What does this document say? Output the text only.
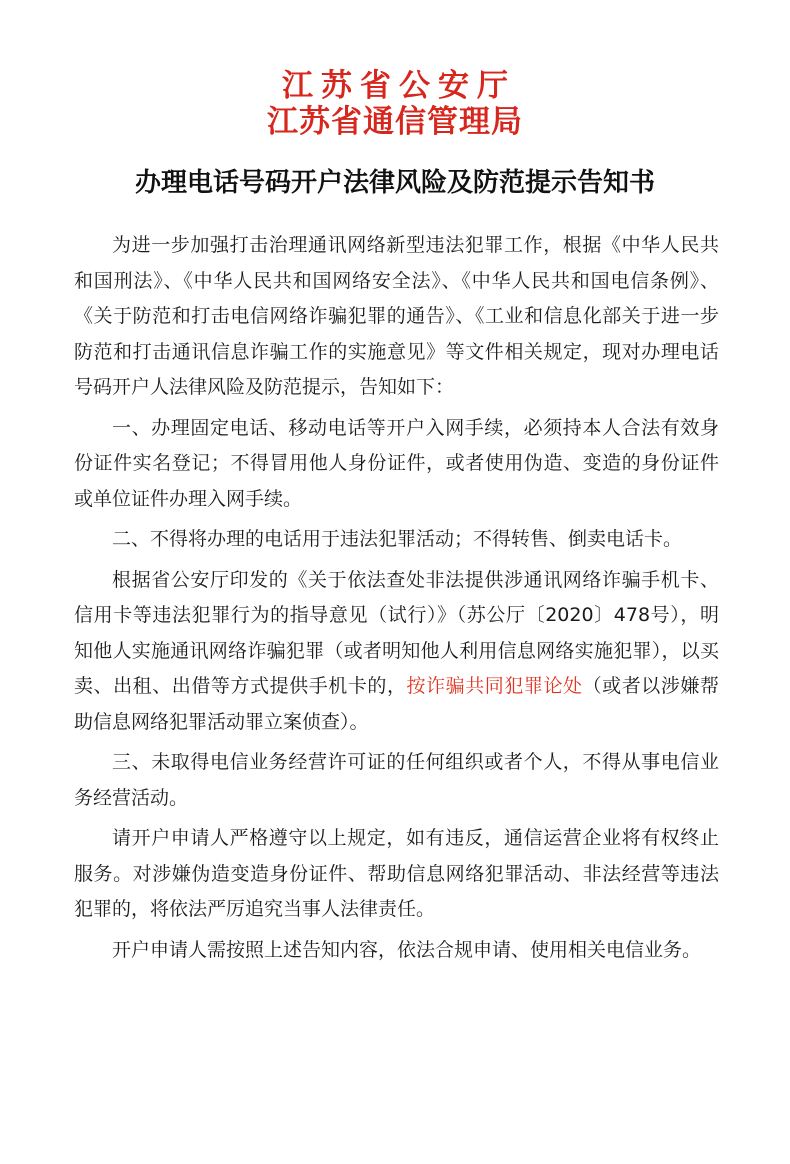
江苏省公安厅
江苏省通信管理局
办理电话号码开户法律风险及防范提示告知书

为进一步加强打击治理通讯网络新型违法犯罪工作，根据《中华人民共和国刑法》、《中华人民共和国网络安全法》、《中华人民共和国电信条例》、《关于防范和打击电信网络诈骗犯罪的通告》、《工业和信息化部关于进一步防范和打击通讯信息诈骗工作的实施意见》等文件相关规定，现对办理电话号码开户人法律风险及防范提示，告知如下：

一、办理固定电话、移动电话等开户入网手续，必须持本人合法有效身份证件实名登记；不得冒用他人身份证件，或者使用伪造、变造的身份证件或单位证件办理入网手续。

二、不得将办理的电话用于违法犯罪活动；不得转售、倒卖电话卡。

根据省公安厅印发的《关于依法查处非法提供涉通讯网络诈骗手机卡、信用卡等违法犯罪行为的指导意见（试行）》（苏公厅〔2020〕478号），明知他人实施通讯网络诈骗犯罪（或者明知他人利用信息网络实施犯罪），以买卖、出租、出借等方式提供手机卡的，按诈骗共同犯罪论处（或者以涉嫌帮助信息网络犯罪活动罪立案侦查）。

三、未取得电信业务经营许可证的任何组织或者个人，不得从事电信业务经营活动。

请开户申请人严格遵守以上规定，如有违反，通信运营企业将有权终止服务。对涉嫌伪造变造身份证件、帮助信息网络犯罪活动、非法经营等违法犯罪的，将依法严厉追究当事人法律责任。

开户申请人需按照上述告知内容，依法合规申请、使用相关电信业务。
